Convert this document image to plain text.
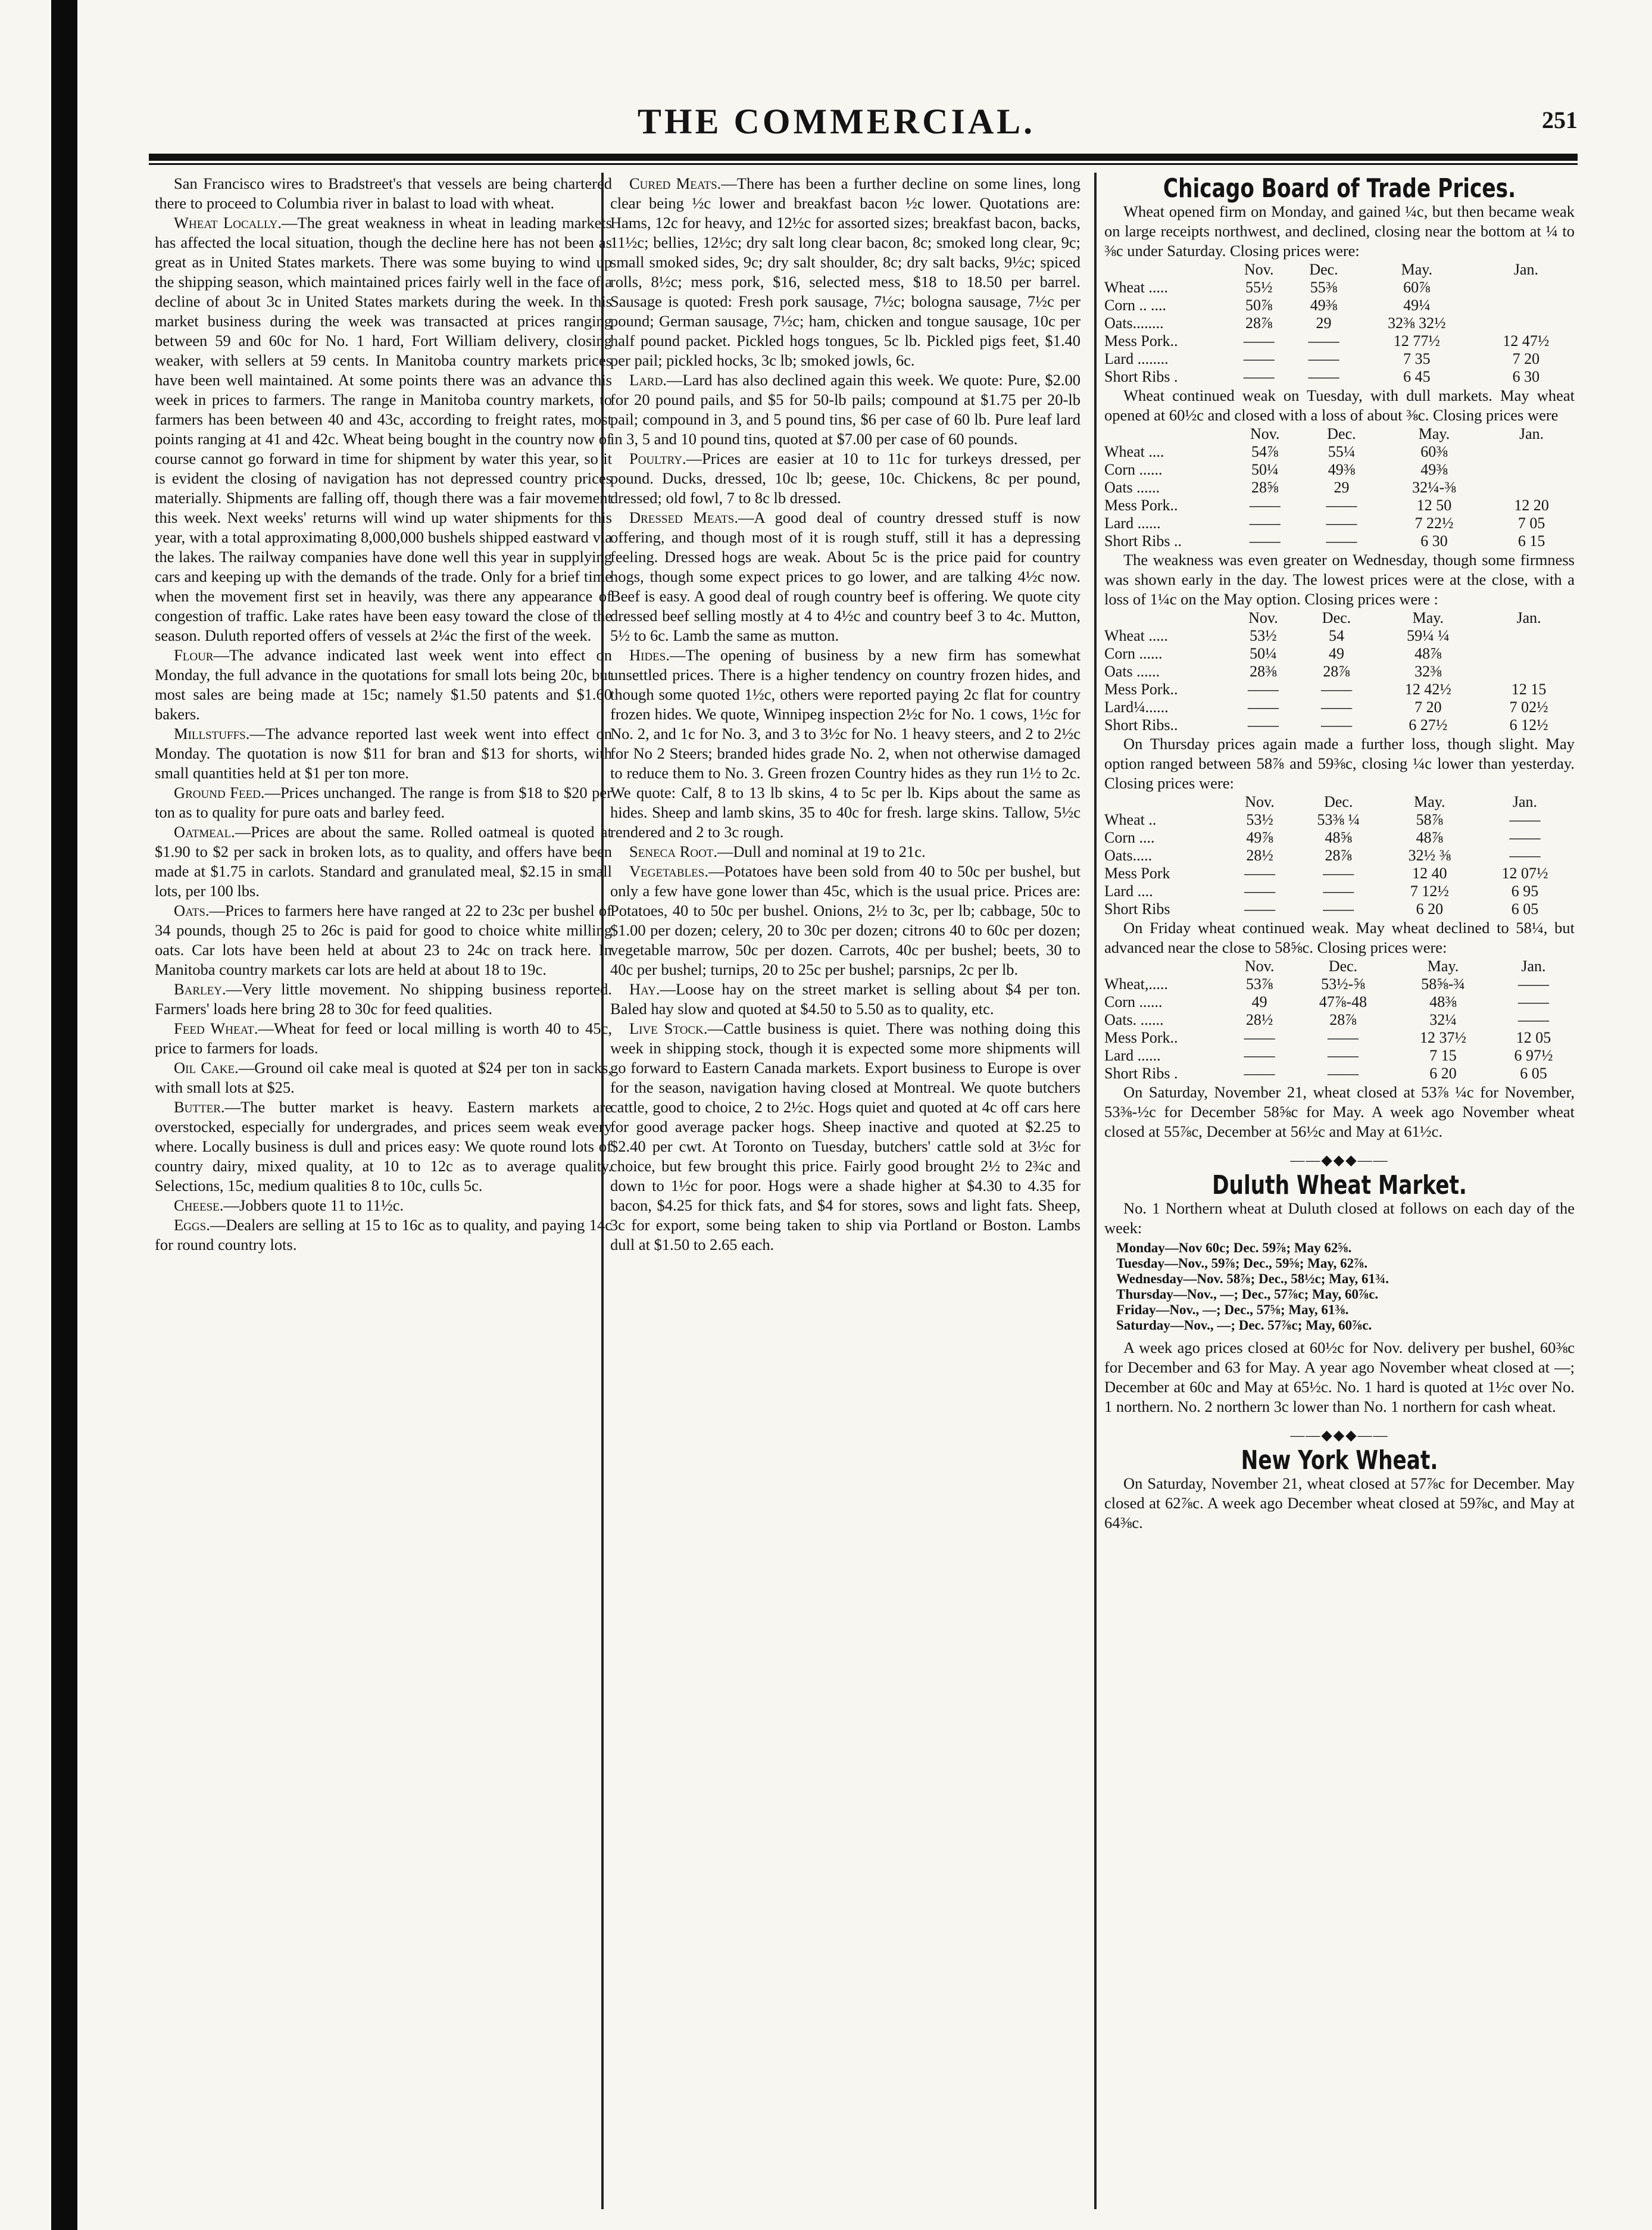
THE COMMERCIAL.	251

San Francisco wires to Bradstreet's that vessels are being chartered there to proceed to Columbia river in balast to load with wheat.

Wheat Locally.—The great weakness in wheat in leading markets has affected the local situation, though the decline here has not been as great as in United States markets. There was some buying to wind up the shipping season, which maintained prices fairly well in the face of a decline of about 3c in United States markets during the week. In this market business during the week was transacted at prices ranging between 59 and 60c for No. 1 hard, Fort William delivery, closing weaker, with sellers at 59 cents. In Manitoba country markets prices have been well maintained. At some points there was an advance this week in prices to farmers. The range in Manitoba country markets, to farmers has been between 40 and 43c, according to freight rates, most points ranging at 41 and 42c. Wheat being bought in the country now of course cannot go forward in time for shipment by water this year, so it is evident the closing of navigation has not depressed country prices materially. Shipments are falling off, though there was a fair movement this week. Next weeks' returns will wind up water shipments for this year, with a total approximating 8,000,000 bushels shipped eastward via the lakes. The railway companies have done well this year in supplying cars and keeping up with the demands of the trade. Only for a brief time when the movement first set in heavily, was there any appearance of congestion of traffic. Lake rates have been easy toward the close of the season. Duluth reported offers of vessels at 2¼c the first of the week.

Flour—The advance indicated last week went into effect on Monday, the full advance in the quotations for small lots being 20c, but most sales are being made at 15c; namely $1.50 patents and $1.60 bakers.

Millstuffs.—The advance reported last week went into effect on Monday. The quotation is now $11 for bran and $13 for shorts, with small quantities held at $1 per ton more.

Ground Feed.—Prices unchanged. The range is from $18 to $20 per ton as to quality for pure oats and barley feed.

Oatmeal.—Prices are about the same. Rolled oatmeal is quoted at $1.90 to $2 per sack in broken lots, as to quality, and offers have been made at $1.75 in carlots. Standard and granulated meal, $2.15 in small lots, per 100 lbs.

Oats.—Prices to farmers here have ranged at 22 to 23c per bushel of 34 pounds, though 25 to 26c is paid for good to choice white milling oats. Car lots have been held at about 23 to 24c on track here. In Manitoba country markets car lots are held at about 18 to 19c.

Barley.—Very little movement. No shipping business reported. Farmers' loads here bring 28 to 30c for feed qualities.

Feed Wheat.—Wheat for feed or local milling is worth 40 to 45c, price to farmers for loads.

Oil Cake.—Ground oil cake meal is quoted at $24 per ton in sacks, with small lots at $25.

Butter.—The butter market is heavy. Eastern markets are overstocked, especially for undergrades, and prices seem weak every where. Locally business is dull and prices easy: We quote round lots of country dairy, mixed quality, at 10 to 12c as to average quality. Selections, 15c, medium qualities 8 to 10c, culls 5c.

Cheese.—Jobbers quote 11 to 11½c.

Eggs.—Dealers are selling at 15 to 16c as to quality, and paying 14c for round country lots.

Cured Meats.—There has been a further decline on some lines, long clear being ½c lower and breakfast bacon ½c lower. Quotations are: Hams, 12c for heavy, and 12½c for assorted sizes; breakfast bacon, backs, 11½c; bellies, 12½c; dry salt long clear bacon, 8c; smoked long clear, 9c; small smoked sides, 9c; dry salt shoulder, 8c; dry salt backs, 9½c; spiced rolls, 8½c; mess pork, $16, selected mess, $18 to 18.50 per barrel. Sausage is quoted: Fresh pork sausage, 7½c; bologna sausage, 7½c per pound; German sausage, 7½c; ham, chicken and tongue sausage, 10c per half pound packet. Pickled hogs tongues, 5c lb. Pickled pigs feet, $1.40 per pail; pickled hocks, 3c lb; smoked jowls, 6c.

Lard.—Lard has also declined again this week. We quote: Pure, $2.00 for 20 pound pails, and $5 for 50-lb pails; compound at $1.75 per 20-lb pail; compound in 3, and 5 pound tins, $6 per case of 60 lb. Pure leaf lard in 3, 5 and 10 pound tins, quoted at $7.00 per case of 60 pounds.

Poultry.—Prices are easier at 10 to 11c for turkeys dressed, per pound. Ducks, dressed, 10c lb; geese, 10c. Chickens, 8c per pound, dressed; old fowl, 7 to 8c lb dressed.

Dressed Meats.—A good deal of country dressed stuff is now offering, and though most of it is rough stuff, still it has a depressing feeling. Dressed hogs are weak. About 5c is the price paid for country hogs, though some expect prices to go lower, and are talking 4½c now. Beef is easy. A good deal of rough country beef is offering. We quote city dressed beef selling mostly at 4 to 4½c and country beef 3 to 4c. Mutton, 5½ to 6c. Lamb the same as mutton.

Hides.—The opening of business by a new firm has somewhat unsettled prices. There is a higher tendency on country frozen hides, and though some quoted 1½c, others were reported paying 2c flat for country frozen hides. We quote, Winnipeg inspection 2½c for No. 1 cows, 1½c for No. 2, and 1c for No. 3, and 3 to 3½c for No. 1 heavy steers, and 2 to 2½c for No 2 Steers; branded hides grade No. 2, when not otherwise damaged to reduce them to No. 3. Green frozen Country hides as they run 1½ to 2c. We quote: Calf, 8 to 13 lb skins, 4 to 5c per lb. Kips about the same as hides. Sheep and lamb skins, 35 to 40c for fresh. large skins. Tallow, 5½c rendered and 2 to 3c rough.

Seneca Root.—Dull and nominal at 19 to 21c.

Vegetables.—Potatoes have been sold from 40 to 50c per bushel, but only a few have gone lower than 45c, which is the usual price. Prices are: Potatoes, 40 to 50c per bushel. Onions, 2½ to 3c, per lb; cabbage, 50c to $1.00 per dozen; celery, 20 to 30c per dozen; citrons 40 to 60c per dozen; vegetable marrow, 50c per dozen. Carrots, 40c per bushel; beets, 30 to 40c per bushel; turnips, 20 to 25c per bushel; parsnips, 2c per lb.

Hay.—Loose hay on the street market is selling about $4 per ton. Baled hay slow and quoted at $4.50 to 5.50 as to quality, etc.

Live Stock.—Cattle business is quiet. There was nothing doing this week in shipping stock, though it is expected some more shipments will go forward to Eastern Canada markets. Export business to Europe is over for the season, navigation having closed at Montreal. We quote butchers cattle, good to choice, 2 to 2½c. Hogs quiet and quoted at 4c off cars here for good average packer hogs. Sheep inactive and quoted at $2.25 to $2.40 per cwt. At Toronto on Tuesday, butchers' cattle sold at 3½c for choice, but few brought this price. Fairly good brought 2½ to 2¾c and down to 1½c for poor. Hogs were a shade higher at $4.30 to 4.35 for bacon, $4.25 for thick fats, and $4 for stores, sows and light fats. Sheep, 3c for export, some being taken to ship via Portland or Boston. Lambs dull at $1.50 to 2.65 each.

Chicago Board of Trade Prices.

Wheat opened firm on Monday, and gained ¼c, but then became weak on large receipts northwest, and declined, closing near the bottom at ¼ to ⅜c under Saturday. Closing prices were:

	Nov.	Dec.	May.	Jan.
Wheat .....	55½	55⅜	60⅞	
Corn .. ....	50⅞	49⅜	49¼	
Oats........	28⅞	29	32⅜ 32½	
Mess Pork..	——	——	12 77½	12 47½
Lard ........	——	——	7 35	7 20
Short Ribs .	——	——	6 45	6 30

Wheat continued weak on Tuesday, with dull markets. May wheat opened at 60½c and closed with a loss of about ⅜c. Closing prices were

	Nov.	Dec.	May.	Jan.
Wheat ....	54⅞	55¼	60⅜	
Corn ......	50¼	49⅜	49⅜	
Oats ......	28⅝	29	32¼-⅜	
Mess Pork..	——	——	12 50	12 20
Lard ......	——	——	7 22½	7 05
Short Ribs ..	——	——	6 30	6 15

The weakness was even greater on Wednesday, though some firmness was shown early in the day. The lowest prices were at the close, with a loss of 1¼c on the May option. Closing prices were :

	Nov.	Dec.	May.	Jan.
Wheat .....	53½	54	59¼ ¼	
Corn ......	50¼	49	48⅞	
Oats ......	28⅜	28⅞	32⅜	
Mess Pork..	——	——	12 42½	12 15
Lard¼......	——	——	7 20	7 02½
Short Ribs..	——	——	6 27½	6 12½

On Thursday prices again made a further loss, though slight. May option ranged between 58⅞ and 59⅜c, closing ¼c lower than yesterday. Closing prices were:

	Nov.	Dec.	May.	Jan.
Wheat ..	53½	53⅜ ¼	58⅞	——
Corn ....	49⅞	48⅝	48⅞	——
Oats.....	28½	28⅞	32½ ⅜	——
Mess Pork	——	——	12 40	12 07½
Lard ....	——	——	7 12½	6 95
Short Ribs	——	——	6 20	6 05

On Friday wheat continued weak. May wheat declined to 58¼, but advanced near the close to 58⅝c. Closing prices were:

	Nov.	Dec.	May.	Jan.
Wheat,.....	53⅞	53½-⅝	58⅝-¾	——
Corn ......	49	47⅞-48	48⅜	——
Oats. ......	28½	28⅞	32¼	——
Mess Pork..	——	——	12 37½	12 05
Lard ......	——	——	7 15	6 97½
Short Ribs .	——	——	6 20	6 05

On Saturday, November 21, wheat closed at 53⅞ ¼c for November, 53⅜-½c for December 58⅝c for May. A week ago November wheat closed at 55⅞c, December at 56½c and May at 61½c.

——◆◆◆——
Duluth Wheat Market.

No. 1 Northern wheat at Duluth closed at follows on each day of the week:

Monday—Nov 60c; Dec. 59⅞; May 62⅝.
Tuesday—Nov., 59⅞; Dec., 59⅝; May, 62⅞.
Wednesday—Nov. 58⅞; Dec., 58½c; May, 61¾.
Thursday—Nov., —; Dec., 57⅞c; May, 60⅞c.
Friday—Nov., —; Dec., 57⅝; May, 61⅜.
Saturday—Nov., —; Dec. 57⅞c; May, 60⅞c.

A week ago prices closed at 60½c for Nov. delivery per bushel, 60⅜c for December and 63 for May. A year ago November wheat closed at —; December at 60c and May at 65½c. No. 1 hard is quoted at 1½c over No. 1 northern. No. 2 northern 3c lower than No. 1 northern for cash wheat.

——◆◆◆——
New York Wheat.

On Saturday, November 21, wheat closed at 57⅞c for December. May closed at 62⅞c. A week ago December wheat closed at 59⅞c, and May at 64⅜c.
